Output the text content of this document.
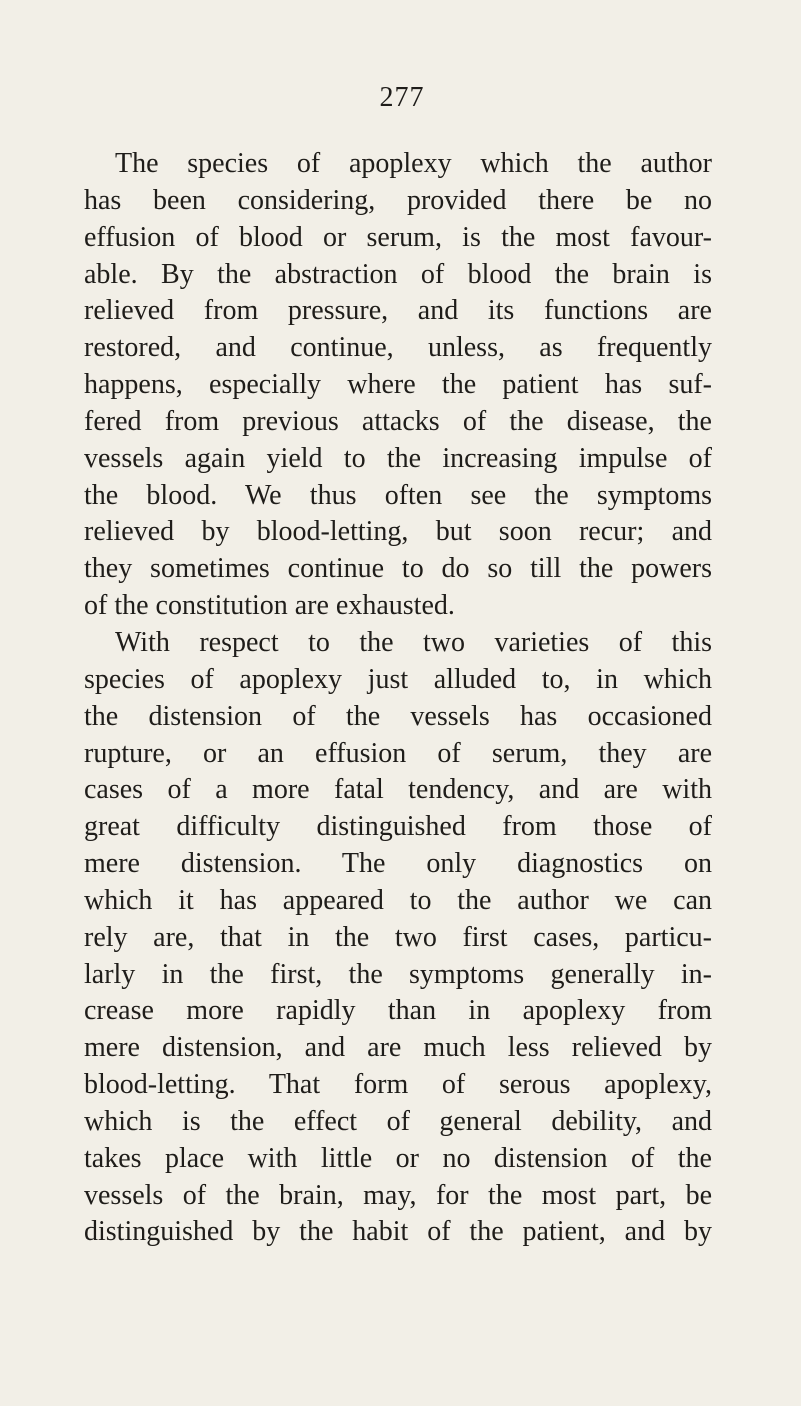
277
The species of apoplexy which the author
has been considering, provided there be no
effusion of blood or serum, is the most favour-
able. By the abstraction of blood the brain is
relieved from pressure, and its functions are
restored, and continue, unless, as frequently
happens, especially where the patient has suf-
fered from previous attacks of the disease, the
vessels again yield to the increasing impulse of
the blood. We thus often see the symptoms
relieved by blood-letting, but soon recur; and
they sometimes continue to do so till the powers
of the constitution are exhausted.
With respect to the two varieties of this
species of apoplexy just alluded to, in which
the distension of the vessels has occasioned
rupture, or an effusion of serum, they are
cases of a more fatal tendency, and are with
great difficulty distinguished from those of
mere distension. The only diagnostics on
which it has appeared to the author we can
rely are, that in the two first cases, particu-
larly in the first, the symptoms generally in-
crease more rapidly than in apoplexy from
mere distension, and are much less relieved by
blood-letting. That form of serous apoplexy,
which is the effect of general debility, and
takes place with little or no distension of the
vessels of the brain, may, for the most part, be
distinguished by the habit of the patient, and by
